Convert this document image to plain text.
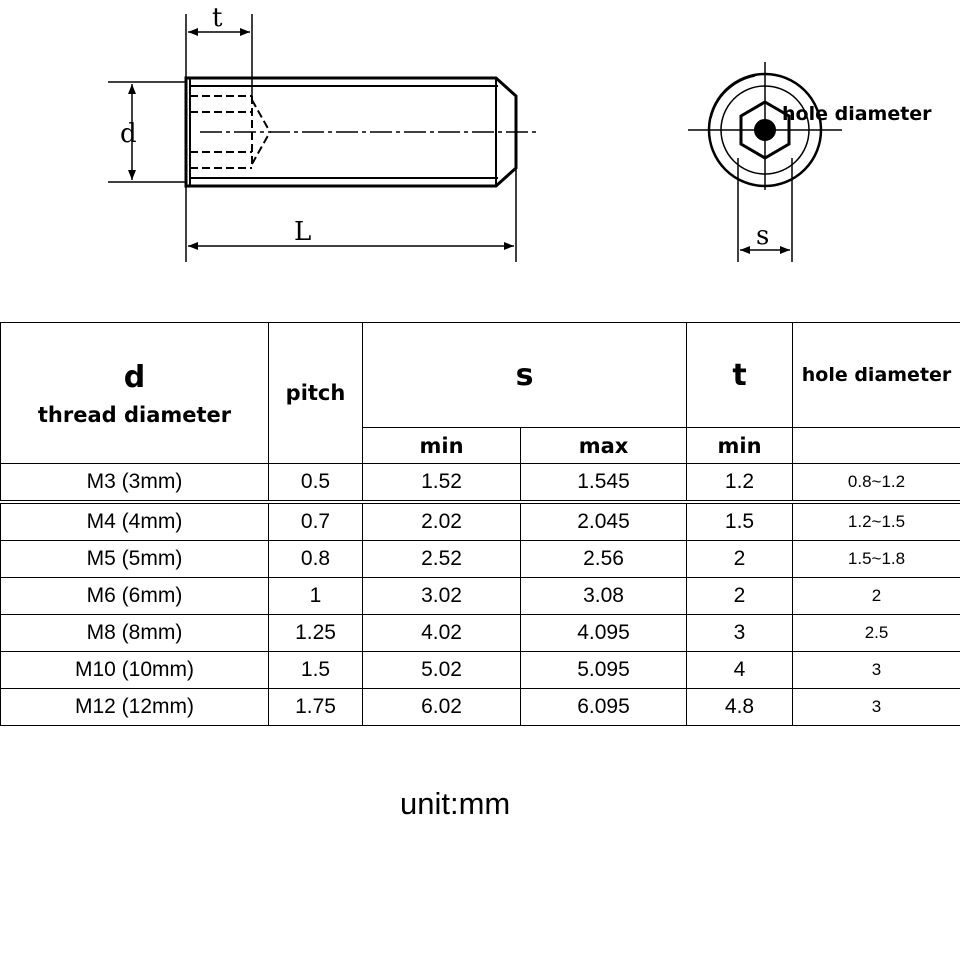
t
d
L
hole diameter
s
d
thread diameter	pitch	s		t	hole diameter
		min	max	min	
M3 (3mm)	0.5	1.52	1.545	1.2	0.8~1.2
M4 (4mm)	0.7	2.02	2.045	1.5	1.2~1.5
M5 (5mm)	0.8	2.52	2.56	2	1.5~1.8
M6 (6mm)	1	3.02	3.08	2	2
M8 (8mm)	1.25	4.02	4.095	3	2.5
M10 (10mm)	1.5	5.02	5.095	4	3
M12 (12mm)	1.75	6.02	6.095	4.8	3
unit:mm
